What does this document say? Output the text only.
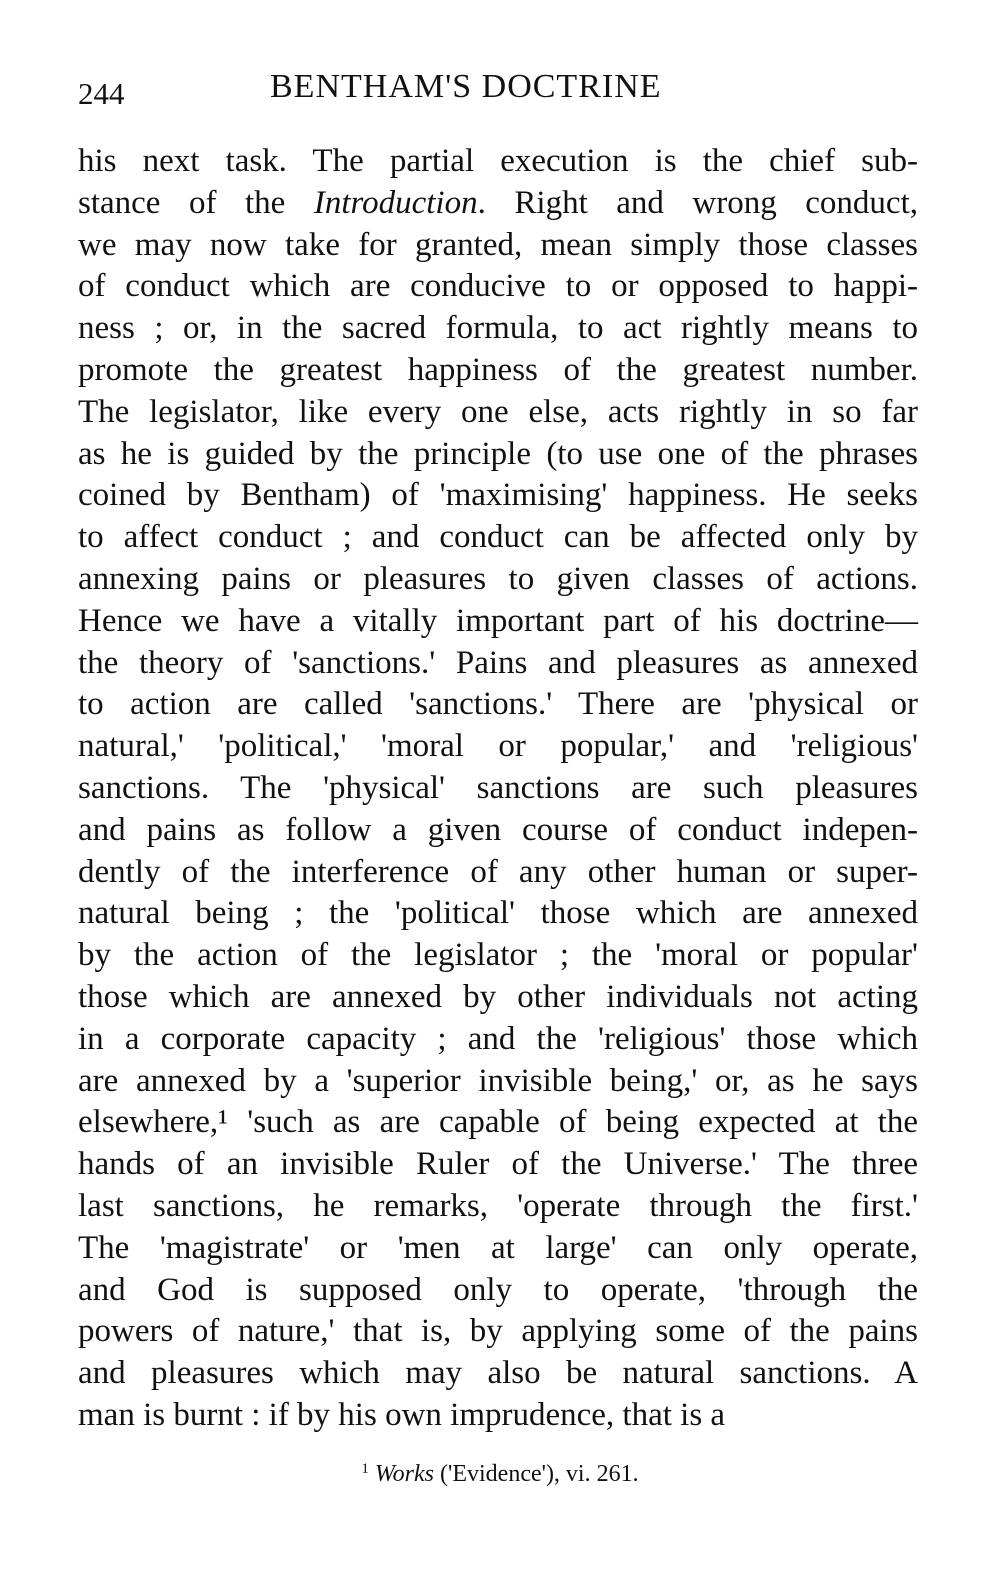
244	BENTHAM'S DOCTRINE
his next task. The partial execution is the chief sub-
stance of the Introduction. Right and wrong conduct,
we may now take for granted, mean simply those classes
of conduct which are conducive to or opposed to happi-
ness ; or, in the sacred formula, to act rightly means to
promote the greatest happiness of the greatest number.
The legislator, like every one else, acts rightly in so far
as he is guided by the principle (to use one of the phrases
coined by Bentham) of 'maximising' happiness. He seeks
to affect conduct ; and conduct can be affected only by
annexing pains or pleasures to given classes of actions.
Hence we have a vitally important part of his doctrine—
the theory of 'sanctions.' Pains and pleasures as annexed
to action are called 'sanctions.' There are 'physical or
natural,' 'political,' 'moral or popular,' and 'religious'
sanctions. The 'physical' sanctions are such pleasures
and pains as follow a given course of conduct indepen-
dently of the interference of any other human or super-
natural being ; the 'political' those which are annexed
by the action of the legislator ; the 'moral or popular'
those which are annexed by other individuals not acting
in a corporate capacity ; and the 'religious' those which
are annexed by a 'superior invisible being,' or, as he says
elsewhere,¹ 'such as are capable of being expected at the
hands of an invisible Ruler of the Universe.' The three
last sanctions, he remarks, 'operate through the first.'
The 'magistrate' or 'men at large' can only operate,
and God is supposed only to operate, 'through the
powers of nature,' that is, by applying some of the pains
and pleasures which may also be natural sanctions. A
man is burnt : if by his own imprudence, that is a
$^1$ Works ('Evidence'), vi. 261.
